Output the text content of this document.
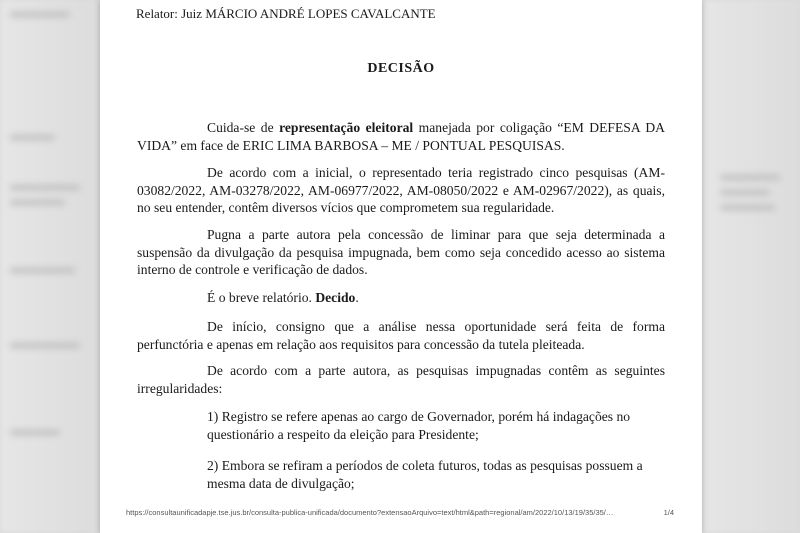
Relator: Juiz MÁRCIO ANDRÉ LOPES CAVALCANTE
DECISÃO
Cuida-se de representação eleitoral manejada por coligação “EM DEFESA DA VIDA” em face de ERIC LIMA BARBOSA – ME / PONTUAL PESQUISAS.
De acordo com a inicial, o representado teria registrado cinco pesquisas (AM-03082/2022, AM-03278/2022, AM-06977/2022, AM-08050/2022 e AM-02967/2022), as quais, no seu entender, contêm diversos vícios que comprometem sua regularidade.
Pugna a parte autora pela concessão de liminar para que seja determinada a suspensão da divulgação da pesquisa impugnada, bem como seja concedido acesso ao sistema interno de controle e verificação de dados.
É o breve relatório. Decido.
De início, consigno que a análise nessa oportunidade será feita de forma perfunctória e apenas em relação aos requisitos para concessão da tutela pleiteada.
De acordo com a parte autora, as pesquisas impugnadas contêm as seguintes irregularidades:
1) Registro se refere apenas ao cargo de Governador, porém há indagações no questionário a respeito da eleição para Presidente;
2) Embora se refiram a períodos de coleta futuros, todas as pesquisas possuem a mesma data de divulgação;
https://consultaunificadapje.tse.jus.br/consulta-publica-unificada/documento?extensaoArquivo=text/html&path=regional/am/2022/10/13/19/35/35/…	1/4
